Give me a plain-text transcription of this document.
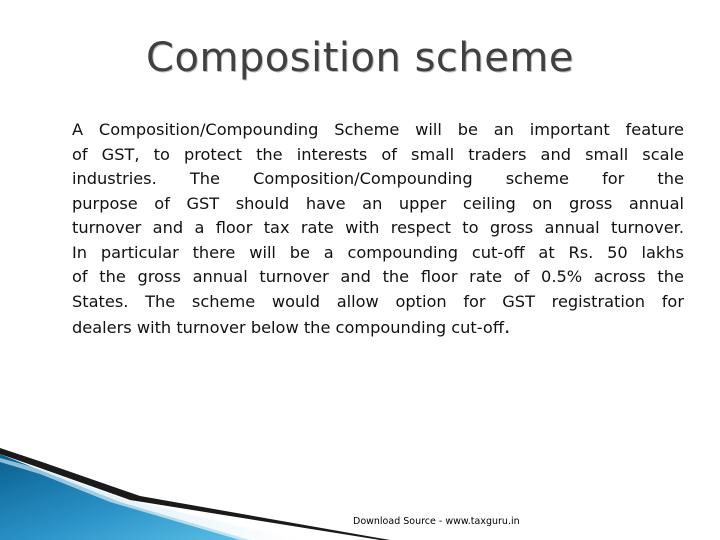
Composition scheme
A Composition/Compounding Scheme will be an important feature
of GST, to protect the interests of small traders and small scale
industries. The Composition/Compounding scheme for the
purpose of GST should have an upper ceiling on gross annual
turnover and a floor tax rate with respect to gross annual turnover.
In particular there will be a compounding cut-off at Rs. 50 lakhs
of the gross annual turnover and the floor rate of 0.5% across the
States. The scheme would allow option for GST registration for
dealers with turnover below the compounding cut-off.
Download Source - www.taxguru.in
